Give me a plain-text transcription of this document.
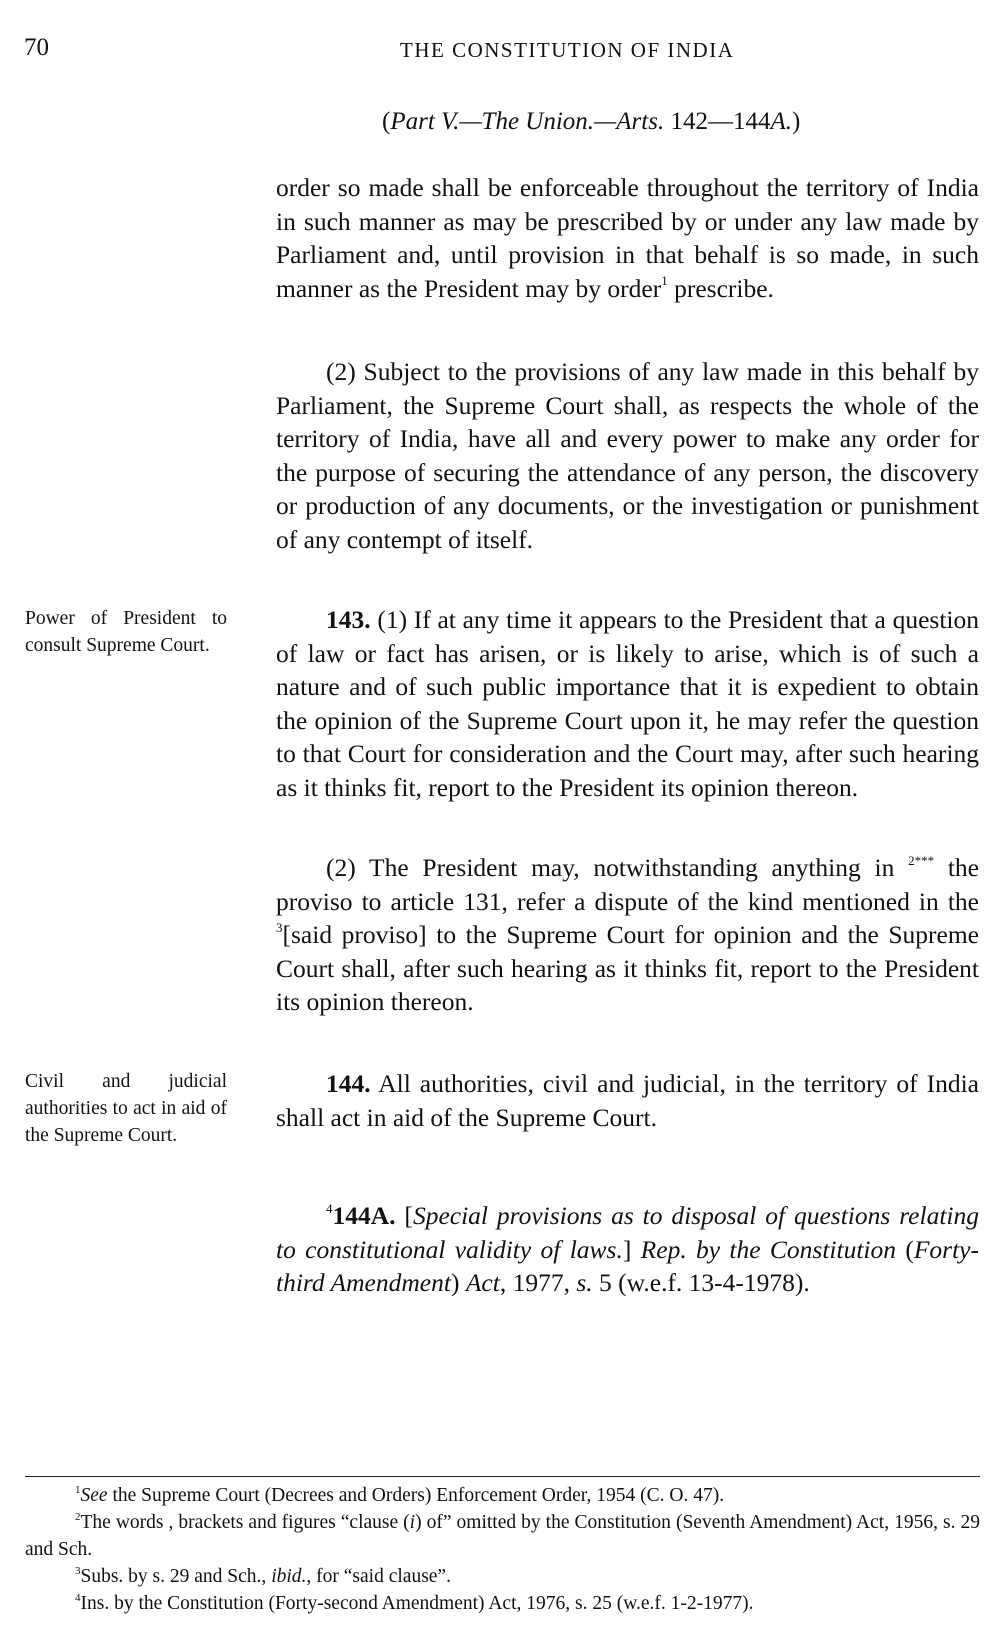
70	THE CONSTITUTION OF INDIA
(Part V.—The Union.—Arts. 142—144A.)

order so made shall be enforceable throughout the territory of India in such manner as may be prescribed by or under any law made by Parliament and, until provision in that behalf is so made, in such manner as the President may by order$^1$ prescribe.

(2) Subject to the provisions of any law made in this behalf by Parliament, the Supreme Court shall, as respects the whole of the territory of India, have all and every power to make any order for the purpose of securing the attendance of any person, the discovery or production of any documents, or the investigation or punishment of any contempt of itself.

Power of President to consult Supreme Court.

143. (1) If at any time it appears to the President that a question of law or fact has arisen, or is likely to arise, which is of such a nature and of such public importance that it is expedient to obtain the opinion of the Supreme Court upon it, he may refer the question to that Court for consideration and the Court may, after such hearing as it thinks fit, report to the President its opinion thereon.

(2) The President may, notwithstanding anything in $^{2***}$ the proviso to article 131, refer a dispute of the kind mentioned in the $^3$[said proviso] to the Supreme Court for opinion and the Supreme Court shall, after such hearing as it thinks fit, report to the President its opinion thereon.

Civil and judicial authorities to act in aid of the Supreme Court.

144. All authorities, civil and judicial, in the territory of India shall act in aid of the Supreme Court.

$^4$144A. [Special provisions as to disposal of questions relating to constitutional validity of laws.] Rep. by the Constitution (Forty-third Amendment) Act, 1977, s. 5 (w.e.f. 13-4-1978).

$^1$See the Supreme Court (Decrees and Orders) Enforcement Order, 1954 (C. O. 47).

$^2$The words , brackets and figures “clause (i) of” omitted by the Constitution (Seventh Amendment) Act, 1956, s. 29 and Sch.

$^3$Subs. by s. 29 and Sch., ibid., for “said clause”.

$^4$Ins. by the Constitution (Forty-second Amendment) Act, 1976, s. 25 (w.e.f. 1-2-1977).
